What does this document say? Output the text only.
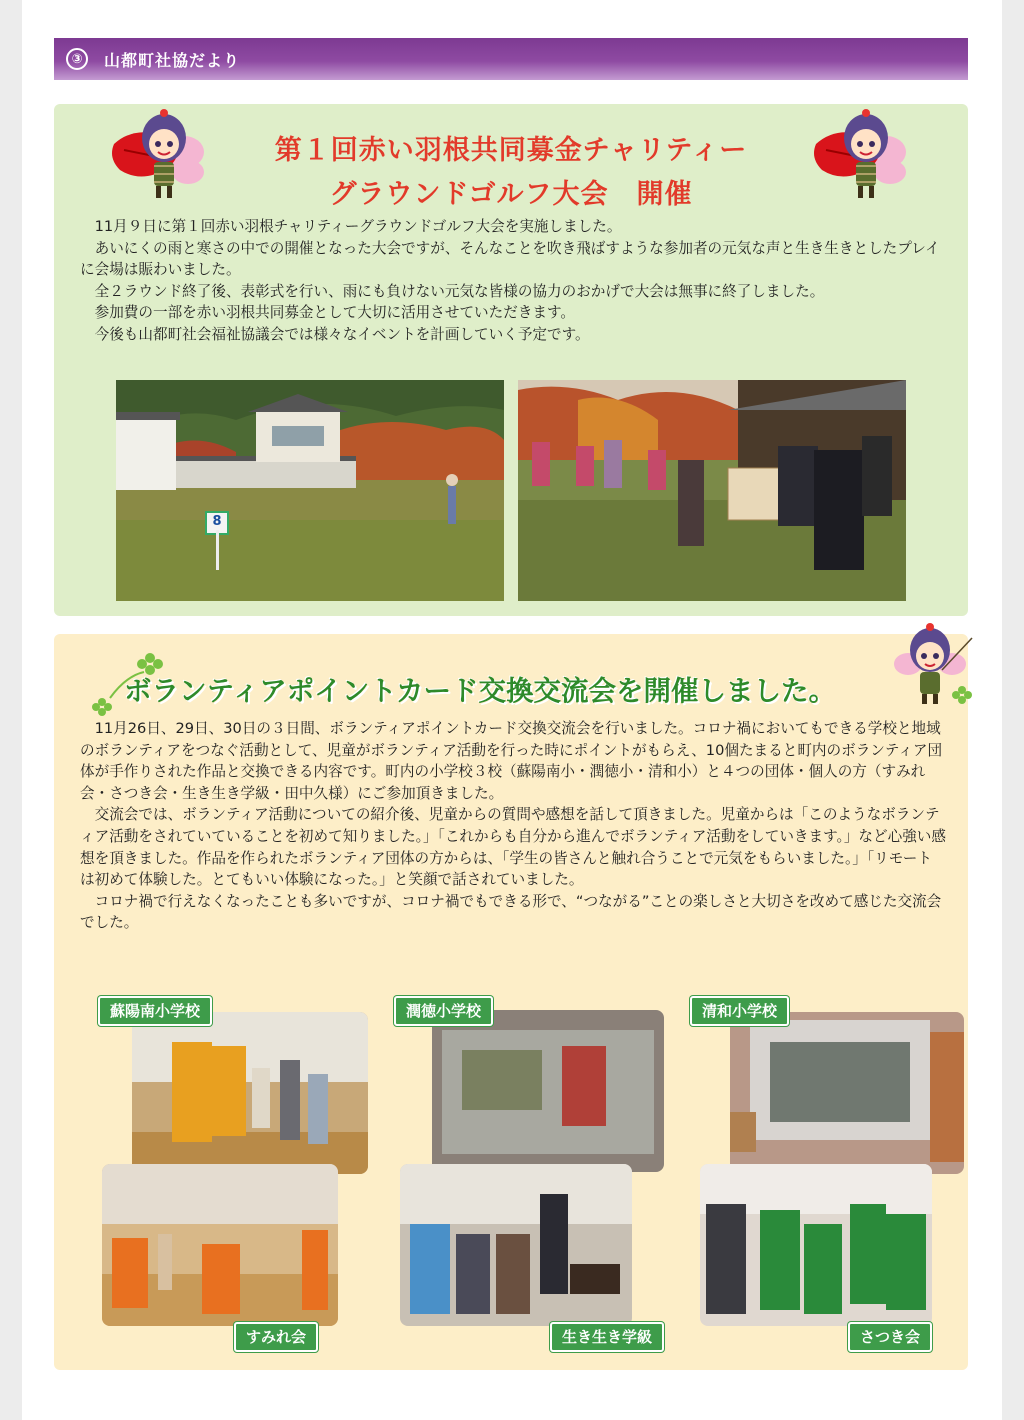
③	山都町社協だより
第１回赤い羽根共同募金チャリティー
グラウンドゴルフ大会　開催

11月９日に第１回赤い羽根チャリティーグラウンドゴルフ大会を実施しました。

あいにくの雨と寒さの中での開催となった大会ですが、そんなことを吹き飛ばすような参加者の元気な声と生き生きとしたプレイに会場は賑わいました。

全２ラウンド終了後、表彰式を行い、雨にも負けない元気な皆様の協力のおかげで大会は無事に終了しました。

参加費の一部を赤い羽根共同募金として大切に活用させていただきます。

今後も山都町社会福祉協議会では様々なイベントを計画していく予定です。

8
ボランティアポイントカード交換交流会を開催しました。

11月26日、29日、30日の３日間、ボランティアポイントカード交換交流会を行いました。コロナ禍においてもできる学校と地域のボランティアをつなぐ活動として、児童がボランティア活動を行った時にポイントがもらえ、10個たまると町内のボランティア団体が手作りされた作品と交換できる内容です。町内の小学校３校（蘇陽南小・潤徳小・清和小）と４つの団体・個人の方（すみれ会・さつき会・生き生き学級・田中久様）にご参加頂きました。

交流会では、ボランティア活動についての紹介後、児童からの質問や感想を話して頂きました。児童からは「このようなボランティア活動をされていていることを初めて知りました。」「これからも自分から進んでボランティア活動をしていきます。」など心強い感想を頂きました。作品を作られたボランティア団体の方からは、「学生の皆さんと触れ合うことで元気をもらいました。」「リモートは初めて体験した。とてもいい体験になった。」と笑顔で話されていました。

コロナ禍で行えなくなったことも多いですが、コロナ禍でもできる形で、“つながる”ことの楽しさと大切さを改めて感じた交流会でした。

蘇陽南小学校
すみれ会
潤徳小学校
生き生き学級
清和小学校
さつき会
